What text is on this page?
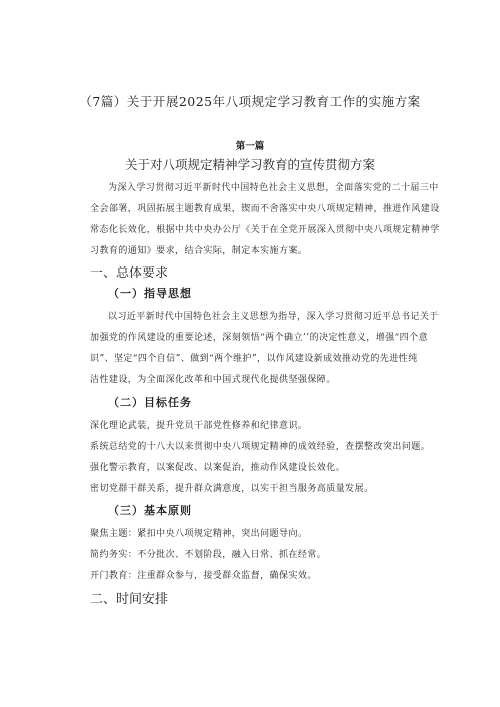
（7篇）关于开展2025年八项规定学习教育工作的实施方案
第一篇
关于对八项规定精神学习教育的宣传贯彻方案
为深入学习贯彻习近平新时代中国特色社会主义思想，全面落实党的二十届三中
全会部署，巩固拓展主题教育成果，锲而不舍落实中央八项规定精神，推进作风建设
常态化长效化，根据中共中央办公厅《关于在全党开展深入贯彻中央八项规定精神学
习教育的通知》要求，结合实际，制定本实施方案。
一、总体要求
（一）指导思想
以习近平新时代中国特色社会主义思想为指导，深入学习贯彻习近平总书记关于
加强党的作风建设的重要论述，深刻领悟“两个确立’’的决定性意义，增强“四个意
识”、坚定“四个自信”、做到“两个维护”，以作风建设新成效推动党的先进性纯
洁性建设，为全面深化改革和中国式现代化提供坚强保障。
（二）目标任务
深化理论武装，提升党员干部党性修养和纪律意识。
系统总结党的十八大以来贯彻中央八项规定精神的成效经验，查摆整改突出问题。
强化警示教育，以案促改、以案促治，推动作风建设长效化。
密切党群干群关系，提升群众满意度，以实干担当服务高质量发展。
（三）基本原则
聚焦主题：紧扣中央八项规定精神，突出问题导向。
简约务实：不分批次、不划阶段，融入日常、抓在经常。
开门教育：注重群众参与，接受群众监督，确保实效。
二、时间安排
